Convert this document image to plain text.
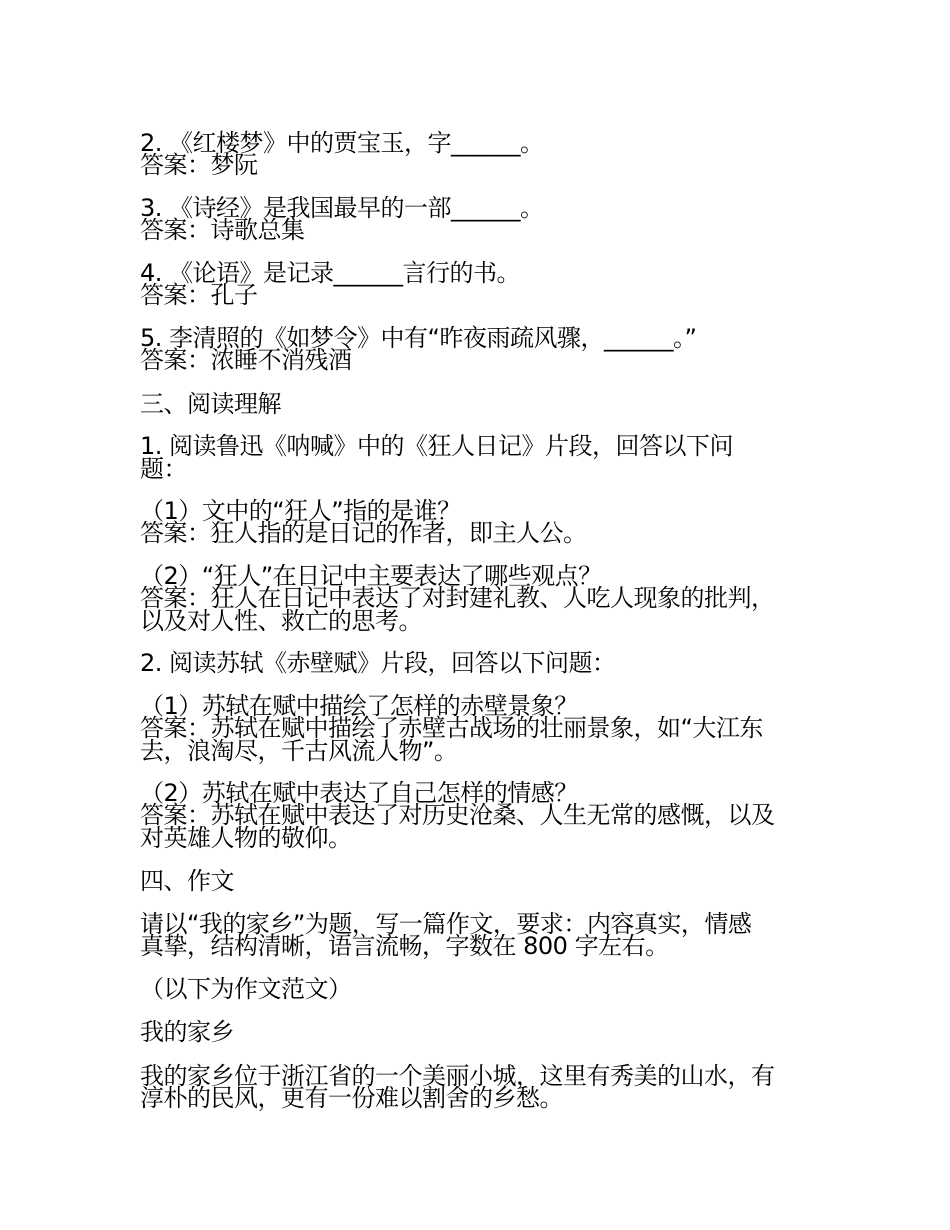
2. 《红楼梦》中的贾宝玉，字______。
答案：梦阮
3. 《诗经》是我国最早的一部______。
答案：诗歌总集
4. 《论语》是记录______言行的书。
答案：孔子
5. 李清照的《如梦令》中有“昨夜雨疏风骤，______。”
答案：浓睡不消残酒
三、阅读理解
1. 阅读鲁迅《呐喊》中的《狂人日记》片段，回答以下问
题：
（1）文中的“狂人”指的是谁？
答案：狂人指的是日记的作者，即主人公。
（2）“狂人”在日记中主要表达了哪些观点？
答案：狂人在日记中表达了对封建礼教、人吃人现象的批判，
以及对人性、救亡的思考。
2. 阅读苏轼《赤壁赋》片段，回答以下问题：
（1）苏轼在赋中描绘了怎样的赤壁景象？
答案：苏轼在赋中描绘了赤壁古战场的壮丽景象，如“大江东
去，浪淘尽，千古风流人物”。
（2）苏轼在赋中表达了自己怎样的情感？
答案：苏轼在赋中表达了对历史沧桑、人生无常的感慨，以及
对英雄人物的敬仰。
四、作文
请以“我的家乡”为题，写一篇作文，要求：内容真实，情感
真挚，结构清晰，语言流畅，字数在 800 字左右。
（以下为作文范文）
我的家乡
我的家乡位于浙江省的一个美丽小城，这里有秀美的山水，有
淳朴的民风，更有一份难以割舍的乡愁。
